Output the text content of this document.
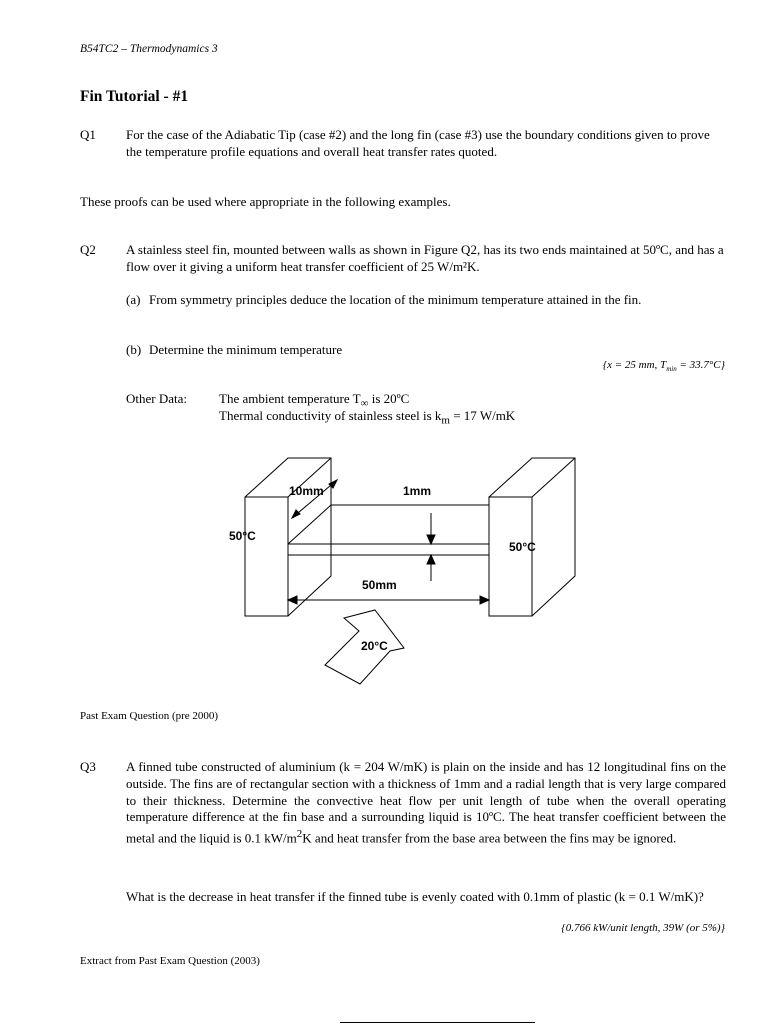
B54TC2 – Thermodynamics 3
Fin Tutorial - #1
Q1 For the case of the Adiabatic Tip (case #2) and the long fin (case #3) use the boundary conditions given to prove the temperature profile equations and overall heat transfer rates quoted.
These proofs can be used where appropriate in the following examples.
Q2 A stainless steel fin, mounted between walls as shown in Figure Q2, has its two ends maintained at 50ºC, and has a flow over it giving a uniform heat transfer coefficient of 25 W/m²K.
(a) From symmetry principles deduce the location of the minimum temperature attained in the fin.
(b) Determine the minimum temperature
{x = 25 mm, $T_{min} = 33.7^\circ C$}
Other Data: The ambient temperature $T_\infty$ is 20ºC
Thermal conductivity of stainless steel is $k_m = 17$ W/mK
10mm	1mm
50°C
50°C
50mm
20°C
Past Exam Question (pre 2000)
Q3 A finned tube constructed of aluminium (k = 204 W/mK) is plain on the inside and has 12 longitudinal fins on the outside. The fins are of rectangular section with a thickness of 1mm and a radial length that is very large compared to their thickness. Determine the convective heat flow per unit length of tube when the overall operating temperature difference at the fin base and a surrounding liquid is 10ºC. The heat transfer coefficient between the metal and the liquid is 0.1 $kW/m^2K$ and heat transfer from the base area between the fins may be ignored.
What is the decrease in heat transfer if the finned tube is evenly coated with 0.1mm of plastic (k = 0.1 W/mK)?
{0.766 kW/unit length, 39W (or 5%)}
Extract from Past Exam Question (2003)
